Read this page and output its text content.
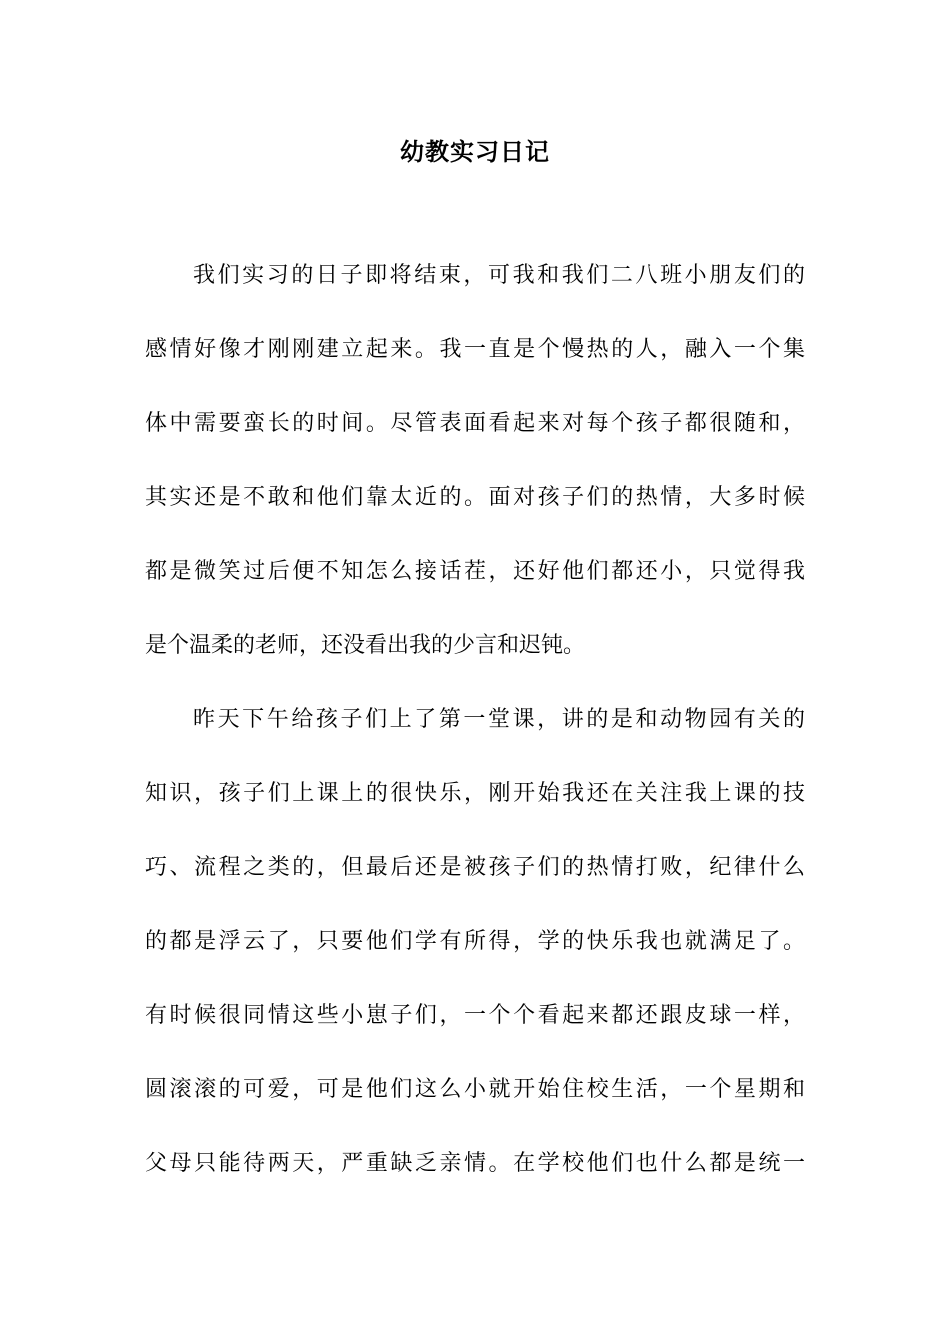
幼教实习日记
我们实习的日子即将结束，可我和我们二八班小朋友们的
感情好像才刚刚建立起来。我一直是个慢热的人，融入一个集
体中需要蛮长的时间。尽管表面看起来对每个孩子都很随和，
其实还是不敢和他们靠太近的。面对孩子们的热情，大多时候
都是微笑过后便不知怎么接话茬，还好他们都还小，只觉得我
是个温柔的老师，还没看出我的少言和迟钝。
昨天下午给孩子们上了第一堂课，讲的是和动物园有关的
知识，孩子们上课上的很快乐，刚开始我还在关注我上课的技
巧、流程之类的，但最后还是被孩子们的热情打败，纪律什么
的都是浮云了，只要他们学有所得，学的快乐我也就满足了。
有时候很同情这些小崽子们，一个个看起来都还跟皮球一样，
圆滚滚的可爱，可是他们这么小就开始住校生活，一个星期和
父母只能待两天，严重缺乏亲情。在学校他们也什么都是统一
